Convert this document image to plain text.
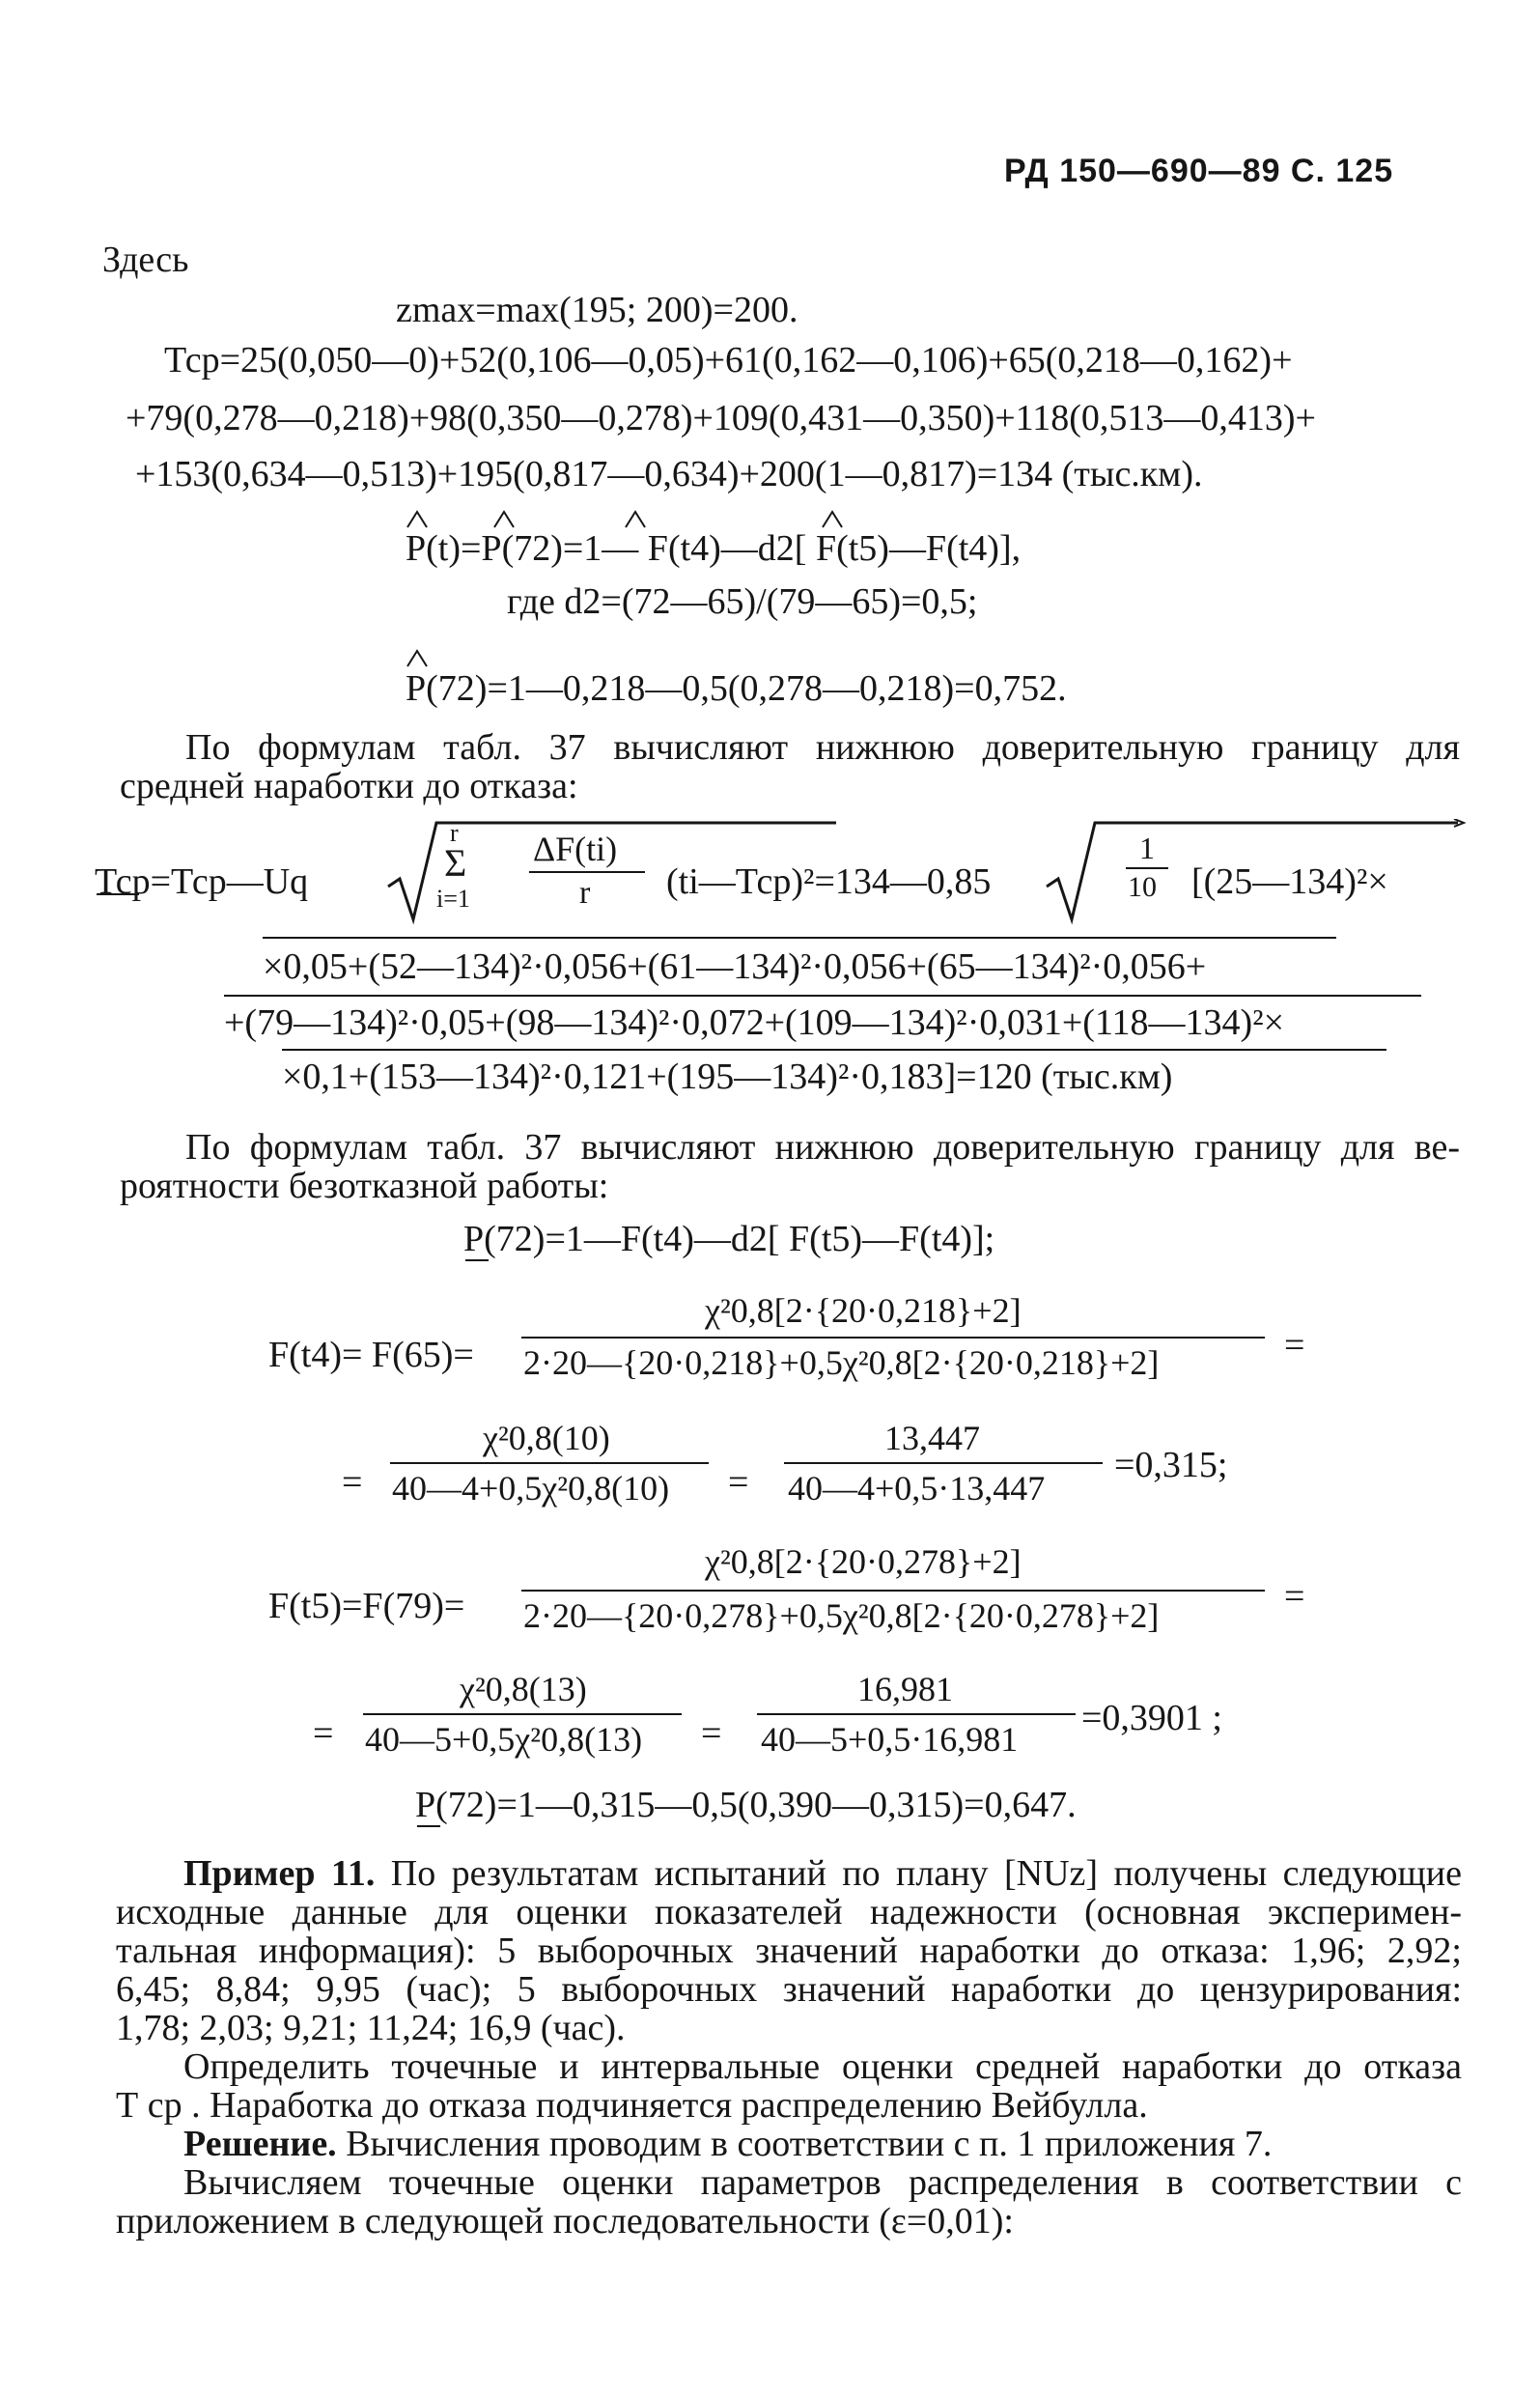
РД 150—690—89 С. 125
Здесь
zmax=max(195; 200)=200.
Тср=25(0,050—0)+52(0,106—0,05)+61(0,162—0,106)+65(0,218—0,162)+
+79(0,278—0,218)+98(0,350—0,278)+109(0,431—0,350)+118(0,513—0,413)+
+153(0,634—0,513)+195(0,817—0,634)+200(1—0,817)=134 (тыс.км).
P(t)=P(72)=1— F(t4)—d2[ F(t5)—F(t4)],
где d2=(72—65)/(79—65)=0,5;
P(72)=1—0,218—0,5(0,278—0,218)=0,752.
По формулам табл. 37 вычисляют нижнюю доверительную границу для
средней наработки до отказа:
Тср=Тср—Uq
r
Σ
i=1
ΔF(ti)
r (ti—Тср)²=134—0,85
1
10 [(25—134)²×
×0,05+(52—134)²·0,056+(61—134)²·0,056+(65—134)²·0,056+
+(79—134)²·0,05+(98—134)²·0,072+(109—134)²·0,031+(118—134)²×
×0,1+(153—134)²·0,121+(195—134)²·0,183]=120 (тыс.км)
По формулам табл. 37 вычисляют нижнюю доверительную границу для ве-
роятности безотказной работы:
P(72)=1—F(t4)—d2[ F(t5)—F(t4)];
F(t4)= F(65)=
χ²0,8[2·{20·0,218}+2]
2·20—{20·0,218}+0,5χ²0,8[2·{20·0,218}+2]	=
=
χ²0,8(10)
40—4+0,5χ²0,8(10) =
13,447
40—4+0,5·13,447
=0,315;
F(t5)=F(79)=
χ²0,8[2·{20·0,278}+2]
2·20—{20·0,278}+0,5χ²0,8[2·{20·0,278}+2]	=
=
χ²0,8(13)
40—5+0,5χ²0,8(13) =
16,981
40—5+0,5·16,981
=0,3901 ;
P(72)=1—0,315—0,5(0,390—0,315)=0,647.
Пример 11. По результатам испытаний по плану [NUz] получены следующие
исходные данные для оценки показателей надежности (основная эксперимен-
тальная информация): 5 выборочных значений наработки до отказа: 1,96; 2,92;
6,45; 8,84; 9,95 (час); 5 выборочных значений наработки до цензурирования:
1,78; 2,03; 9,21; 11,24; 16,9 (час).
Определить точечные и интервальные оценки средней наработки до отказа
Т ср . Наработка до отказа подчиняется распределению Вейбулла.
Решение. Вычисления проводим в соответствии с п. 1 приложения 7.
Вычисляем точечные оценки параметров распределения в соответствии с
приложением в следующей последовательности (ε=0,01):
